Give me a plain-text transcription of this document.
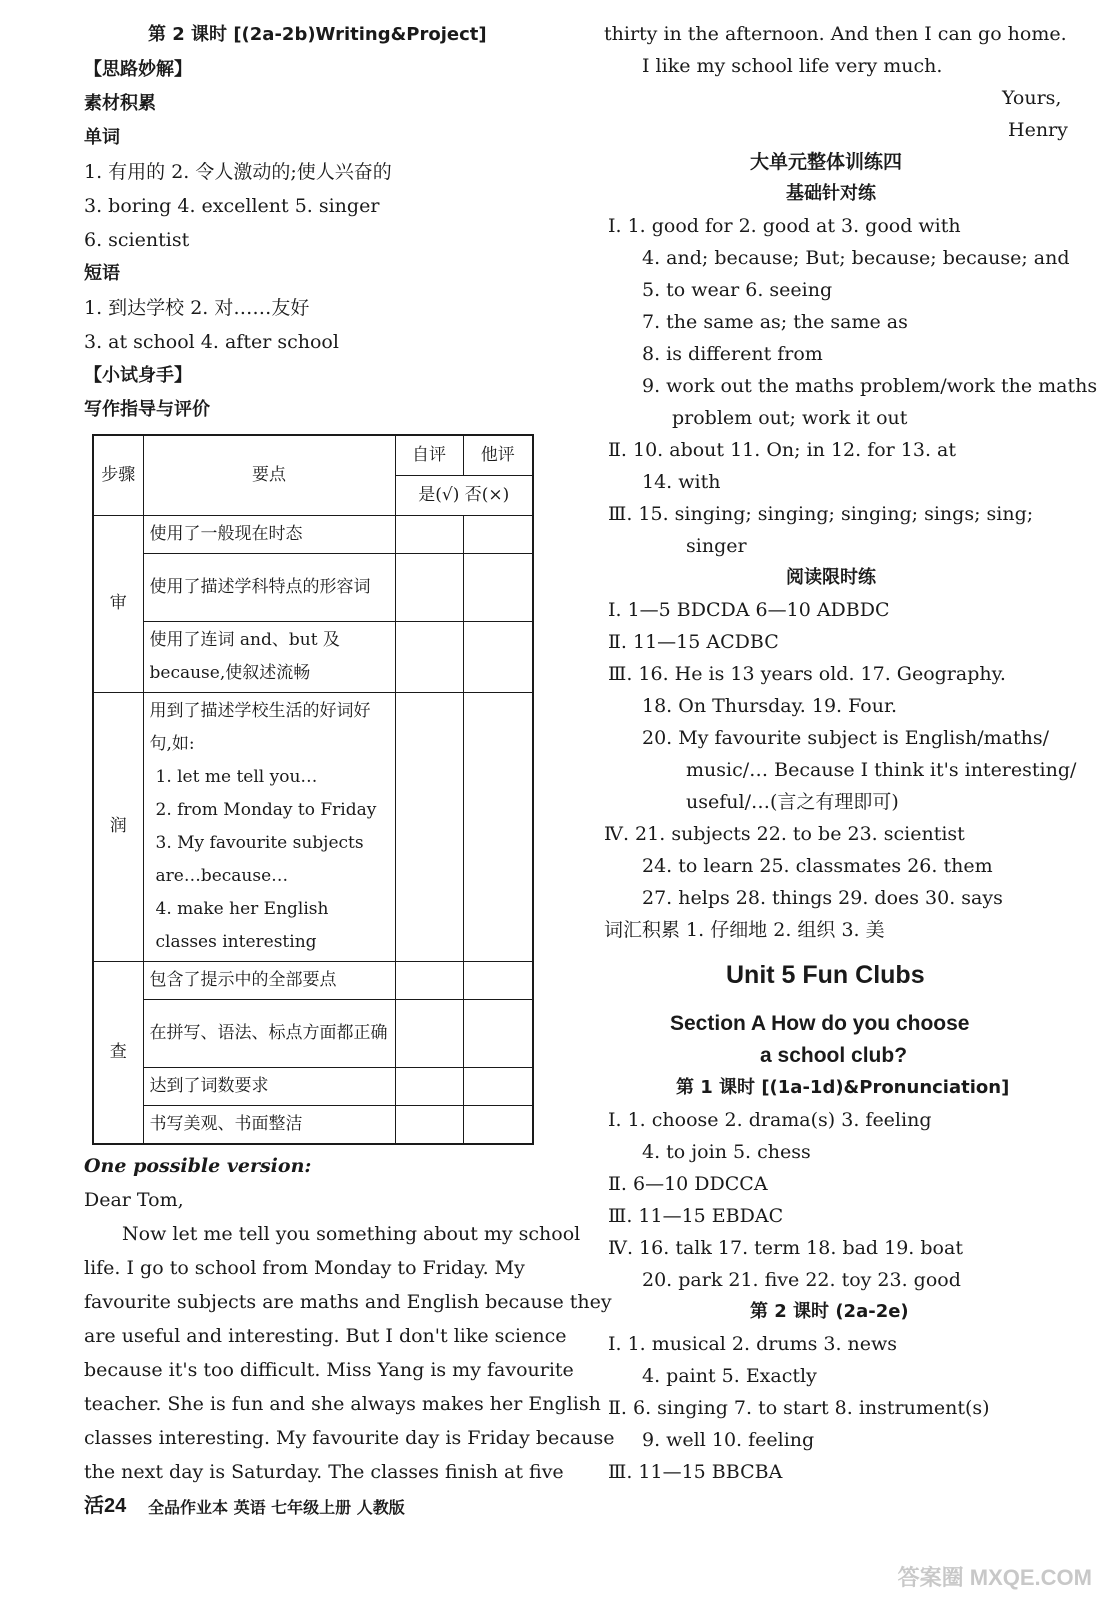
第 2 课时 [(2a-2b)Writing&Project]
【思路妙解】
素材积累
单词
1. 有用的 2. 令人激动的;使人兴奋的
3. boring 4. excellent 5. singer
6. scientist
短语
1. 到达学校 2. 对……友好
3. at school 4. after school
【小试身手】
写作指导与评价
步骤	要点	自评	他评
		是(√) 否(×)	
审	使用了一般现在时态		
	使用了描述学科特点的形容词		
	使用了连词 and、but 及 because,使叙述流畅		
润	用到了描述学校生活的好词好句,如:
1. let me tell you…
2. from Monday to Friday
3. My favourite subjects are…because…
4. make her English classes interesting		

查	包含了提示中的全部要点		
	在拼写、语法、标点方面都正确		
	达到了词数要求		
	书写美观、书面整洁		
One possible version:
Dear Tom,
Now let me tell you something about my school
life. I go to school from Monday to Friday. My
favourite subjects are maths and English because they
are useful and interesting. But I don't like science
because it's too difficult. Miss Yang is my favourite
teacher. She is fun and she always makes her English
classes interesting. My favourite day is Friday because
the next day is Saturday. The classes finish at five
活24 全品作业本 英语 七年级上册 人教版
thirty in the afternoon. And then I can go home.
I like my school life very much.
Yours,
Henry
大单元整体训练四
基础针对练
Ⅰ. 1. good for 2. good at 3. good with
4. and; because; But; because; because; and
5. to wear 6. seeing
7. the same as; the same as
8. is different from
9. work out the maths problem/work the maths
problem out; work it out
Ⅱ. 10. about 11. On; in 12. for 13. at
14. with
Ⅲ. 15. singing; singing; singing; sings; sing;
singer
阅读限时练
Ⅰ. 1—5 BDCDA 6—10 ADBDC
Ⅱ. 11—15 ACDBC
Ⅲ. 16. He is 13 years old. 17. Geography.
18. On Thursday. 19. Four.
20. My favourite subject is English/maths/
music/… Because I think it's interesting/
useful/…(言之有理即可)
Ⅳ. 21. subjects 22. to be 23. scientist
24. to learn 25. classmates 26. them
27. helps 28. things 29. does 30. says
词汇积累 1. 仔细地 2. 组织 3. 美
Unit 5 Fun Clubs
Section A How do you choose
a school club?
第 1 课时 [(1a-1d)&Pronunciation]
Ⅰ. 1. choose 2. drama(s) 3. feeling
4. to join 5. chess
Ⅱ. 6—10 DDCCA
Ⅲ. 11—15 EBDAC
Ⅳ. 16. talk 17. term 18. bad 19. boat
20. park 21. five 22. toy 23. good
第 2 课时 (2a-2e)
Ⅰ. 1. musical 2. drums 3. news
4. paint 5. Exactly
Ⅱ. 6. singing 7. to start 8. instrument(s)
9. well 10. feeling
Ⅲ. 11—15 BBCBA
答案圈 MXQE.COM
